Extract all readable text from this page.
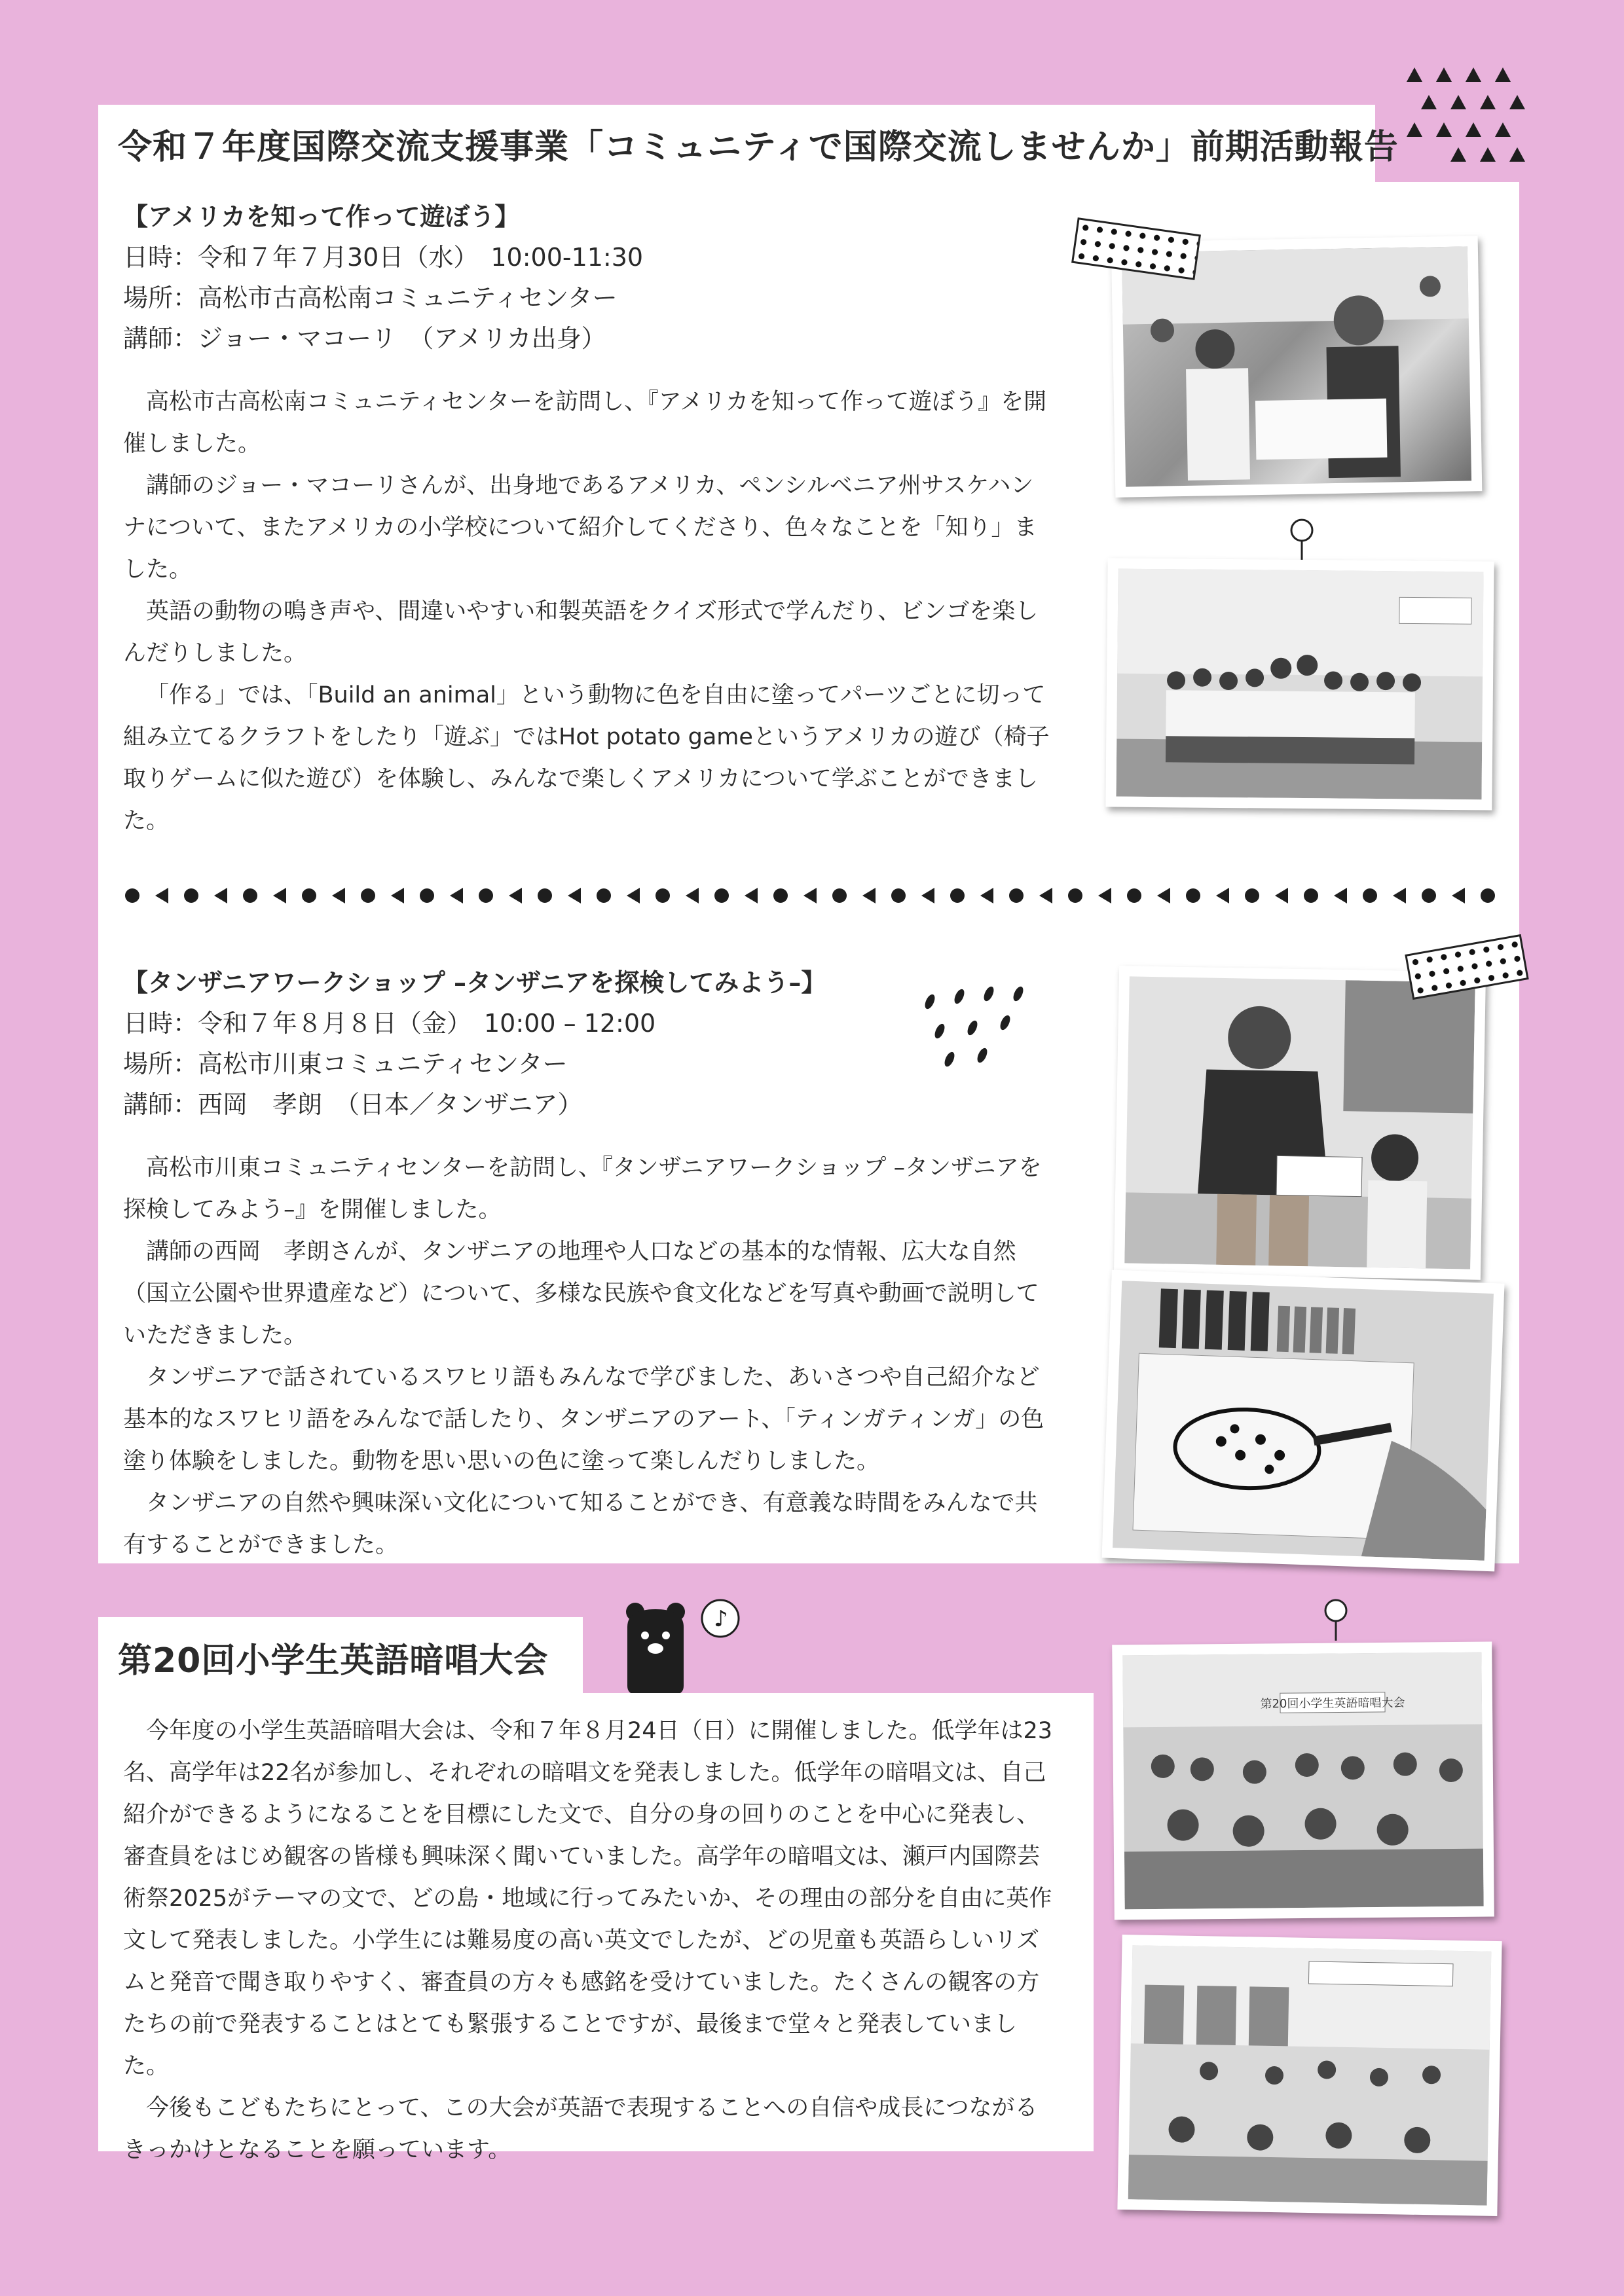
令和７年度国際交流支援事業「コミュニティで国際交流しませんか」前期活動報告
【アメリカを知って作って遊ぼう】
日時：令和７年７月30日（水）　10:00-11:30
場所：高松市古高松南コミュニティセンター
講師：ジョー・マコーリ　（アメリカ出身）

高松市古高松南コミュニティセンターを訪問し、『アメリカを知って作って遊ぼう』を開催しました。

講師のジョー・マコーリさんが、出身地であるアメリカ、ペンシルベニア州サスケハンナについて、またアメリカの小学校について紹介してくださり、色々なことを「知り」ました。

英語の動物の鳴き声や、間違いやすい和製英語をクイズ形式で学んだり、ビンゴを楽しんだりしました。

「作る」では、「Build an animal」という動物に色を自由に塗ってパーツごとに切って組み立てるクラフトをしたり「遊ぶ」ではHot potato gameというアメリカの遊び（椅子取りゲームに似た遊び）を体験し、みんなで楽しくアメリカについて学ぶことができました。

【タンザニアワークショップ –タンザニアを探検してみよう–】
日時：令和７年８月８日（金）　10:00 – 12:00
場所：高松市川東コミュニティセンター
講師：西岡　孝朗　（日本／タンザニア）

高松市川東コミュニティセンターを訪問し、『タンザニアワークショップ –タンザニアを探検してみよう–』を開催しました。

講師の西岡　孝朗さんが、タンザニアの地理や人口などの基本的な情報、広大な自然（国立公園や世界遺産など）について、多様な民族や食文化などを写真や動画で説明していただきました。

タンザニアで話されているスワヒリ語もみんなで学びました、あいさつや自己紹介など基本的なスワヒリ語をみんなで話したり、タンザニアのアート、「ティンガティンガ」の色塗り体験をしました。動物を思い思いの色に塗って楽しんだりしました。

タンザニアの自然や興味深い文化について知ることができ、有意義な時間をみんなで共有することができました。

第20回小学生英語暗唱大会
♪

今年度の小学生英語暗唱大会は、令和７年８月24日（日）に開催しました。低学年は23名、高学年は22名が参加し、それぞれの暗唱文を発表しました。低学年の暗唱文は、自己紹介ができるようになることを目標にした文で、自分の身の回りのことを中心に発表し、審査員をはじめ観客の皆様も興味深く聞いていました。高学年の暗唱文は、瀬戸内国際芸術祭2025がテーマの文で、どの島・地域に行ってみたいか、その理由の部分を自由に英作文して発表しました。小学生には難易度の高い英文でしたが、どの児童も英語らしいリズムと発音で聞き取りやすく、審査員の方々も感銘を受けていました。たくさんの観客の方たちの前で発表することはとても緊張することですが、最後まで堂々と発表していました。

今後もこどもたちにとって、この大会が英語で表現することへの自信や成長につながるきっかけとなることを願っています。

第20回小学生英語暗唱大会
